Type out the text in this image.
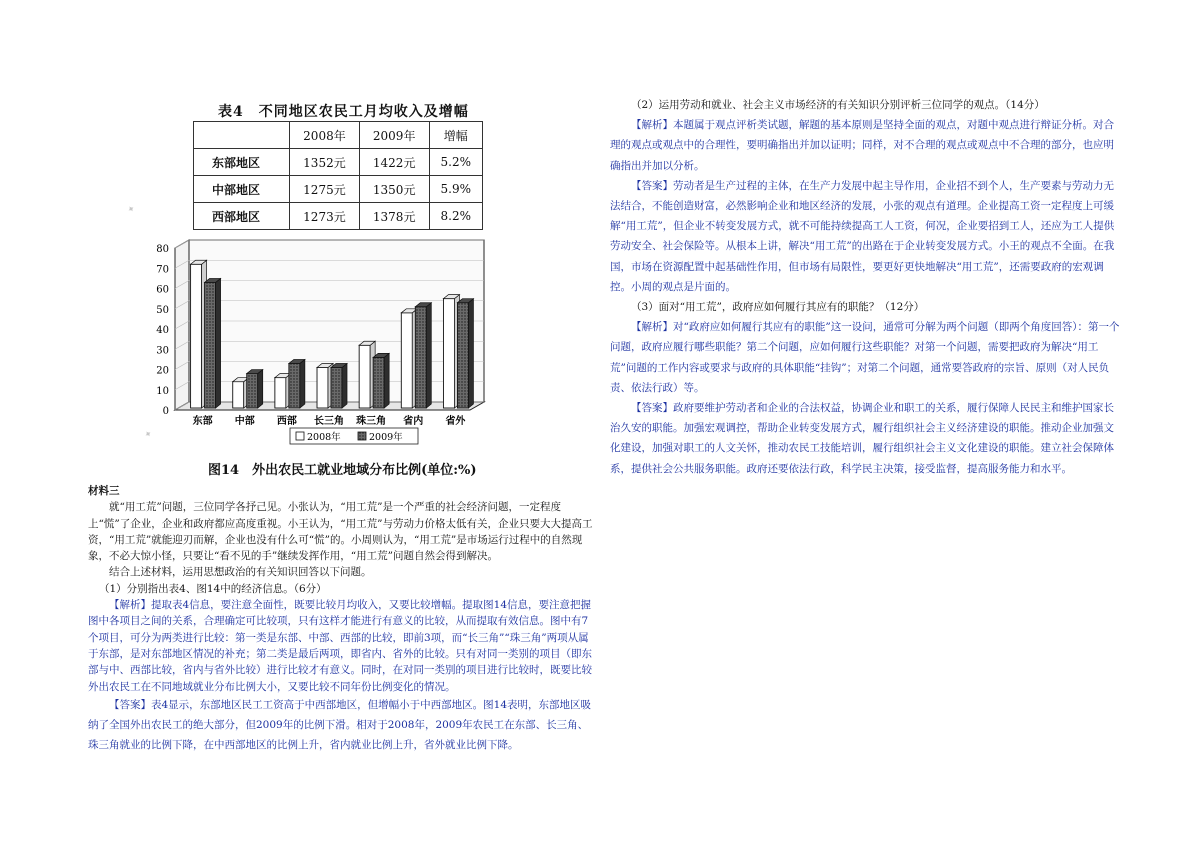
✦
✦
表4　不同地区农民工月均收入及增幅
	2008年	2009年	增幅
东部地区	1352元	1422元	5.2%
中部地区	1275元	1350元	5.9%
西部地区	1273元	1378元	8.2%
0
10
20
30
40
50
60
70
80
东部 中部 西部 长三角 珠三角 省内 省外
2008年	2009年
图14　外出农民工就业地域分布比例(单位:%)

材料三

就“用工荒”问题，三位同学各抒己见。小张认为，“用工荒”是一个严重的社会经济问题，一定程度上“慌”了企业，企业和政府都应高度重视。小王认为，“用工荒”与劳动力价格太低有关，企业只要大大提高工资，“用工荒”就能迎刃而解，企业也没有什么可“慌”的。小周则认为，“用工荒”是市场运行过程中的自然现象，不必大惊小怪，只要让“看不见的手”继续发挥作用，“用工荒”问题自然会得到解决。

结合上述材料，运用思想政治的有关知识回答以下问题。

（1）分别指出表4、图14中的经济信息。（6分）

【解析】提取表4信息，要注意全面性，既要比较月均收入，又要比较增幅。提取图14信息，要注意把握图中各项目之间的关系，合理确定可比较项，只有这样才能进行有意义的比较，从而提取有效信息。图中有7个项目，可分为两类进行比较：第一类是东部、中部、西部的比较，即前3项，而“长三角”“珠三角”两项从属于东部，是对东部地区情况的补充；第二类是最后两项，即省内、省外的比较。只有对同一类别的项目（即东部与中、西部比较，省内与省外比较）进行比较才有意义。同时，在对同一类别的项目进行比较时，既要比较外出农民工在不同地域就业分布比例大小，又要比较不同年份比例变化的情况。

【答案】表4显示，东部地区民工工资高于中西部地区，但增幅小于中西部地区。图14表明，东部地区吸纳了全国外出农民工的绝大部分，但2009年的比例下滑。相对于2008年，2009年农民工在东部、长三角、珠三角就业的比例下降，在中西部地区的比例上升，省内就业比例上升，省外就业比例下降。

（2）运用劳动和就业、社会主义市场经济的有关知识分别评析三位同学的观点。（14分）

【解析】本题属于观点评析类试题，解题的基本原则是坚持全面的观点，对题中观点进行辩证分析。对合理的观点或观点中的合理性，要明确指出并加以证明；同样，对不合理的观点或观点中不合理的部分，也应明确指出并加以分析。

【答案】劳动者是生产过程的主体，在生产力发展中起主导作用，企业招不到个人，生产要素与劳动力无法结合，不能创造财富，必然影响企业和地区经济的发展，小张的观点有道理。企业提高工资一定程度上可缓解“用工荒”，但企业不转变发展方式，就不可能持续提高工人工资，何况，企业要招到工人，还应为工人提供劳动安全、社会保险等。从根本上讲，解决“用工荒”的出路在于企业转变发展方式。小王的观点不全面。在我国，市场在资源配置中起基础性作用，但市场有局限性，要更好更快地解决“用工荒”，还需要政府的宏观调控。小周的观点是片面的。

（3）面对“用工荒”，政府应如何履行其应有的职能？（12分）

【解析】对“政府应如何履行其应有的职能”这一设问，通常可分解为两个问题（即两个角度回答）：第一个问题，政府应履行哪些职能？第二个问题，应如何履行这些职能？对第一个问题，需要把政府为解决“用工荒”问题的工作内容或要求与政府的具体职能“挂钩”；对第二个问题，通常要答政府的宗旨、原则（对人民负责、依法行政）等。

【答案】政府要维护劳动者和企业的合法权益，协调企业和职工的关系，履行保障人民民主和维护国家长治久安的职能。加强宏观调控，帮助企业转变发展方式，履行组织社会主义经济建设的职能。推动企业加强文化建设，加强对职工的人文关怀，推动农民工技能培训，履行组织社会主义文化建设的职能。建立社会保障体系，提供社会公共服务职能。政府还要依法行政，科学民主决策，接受监督，提高服务能力和水平。
